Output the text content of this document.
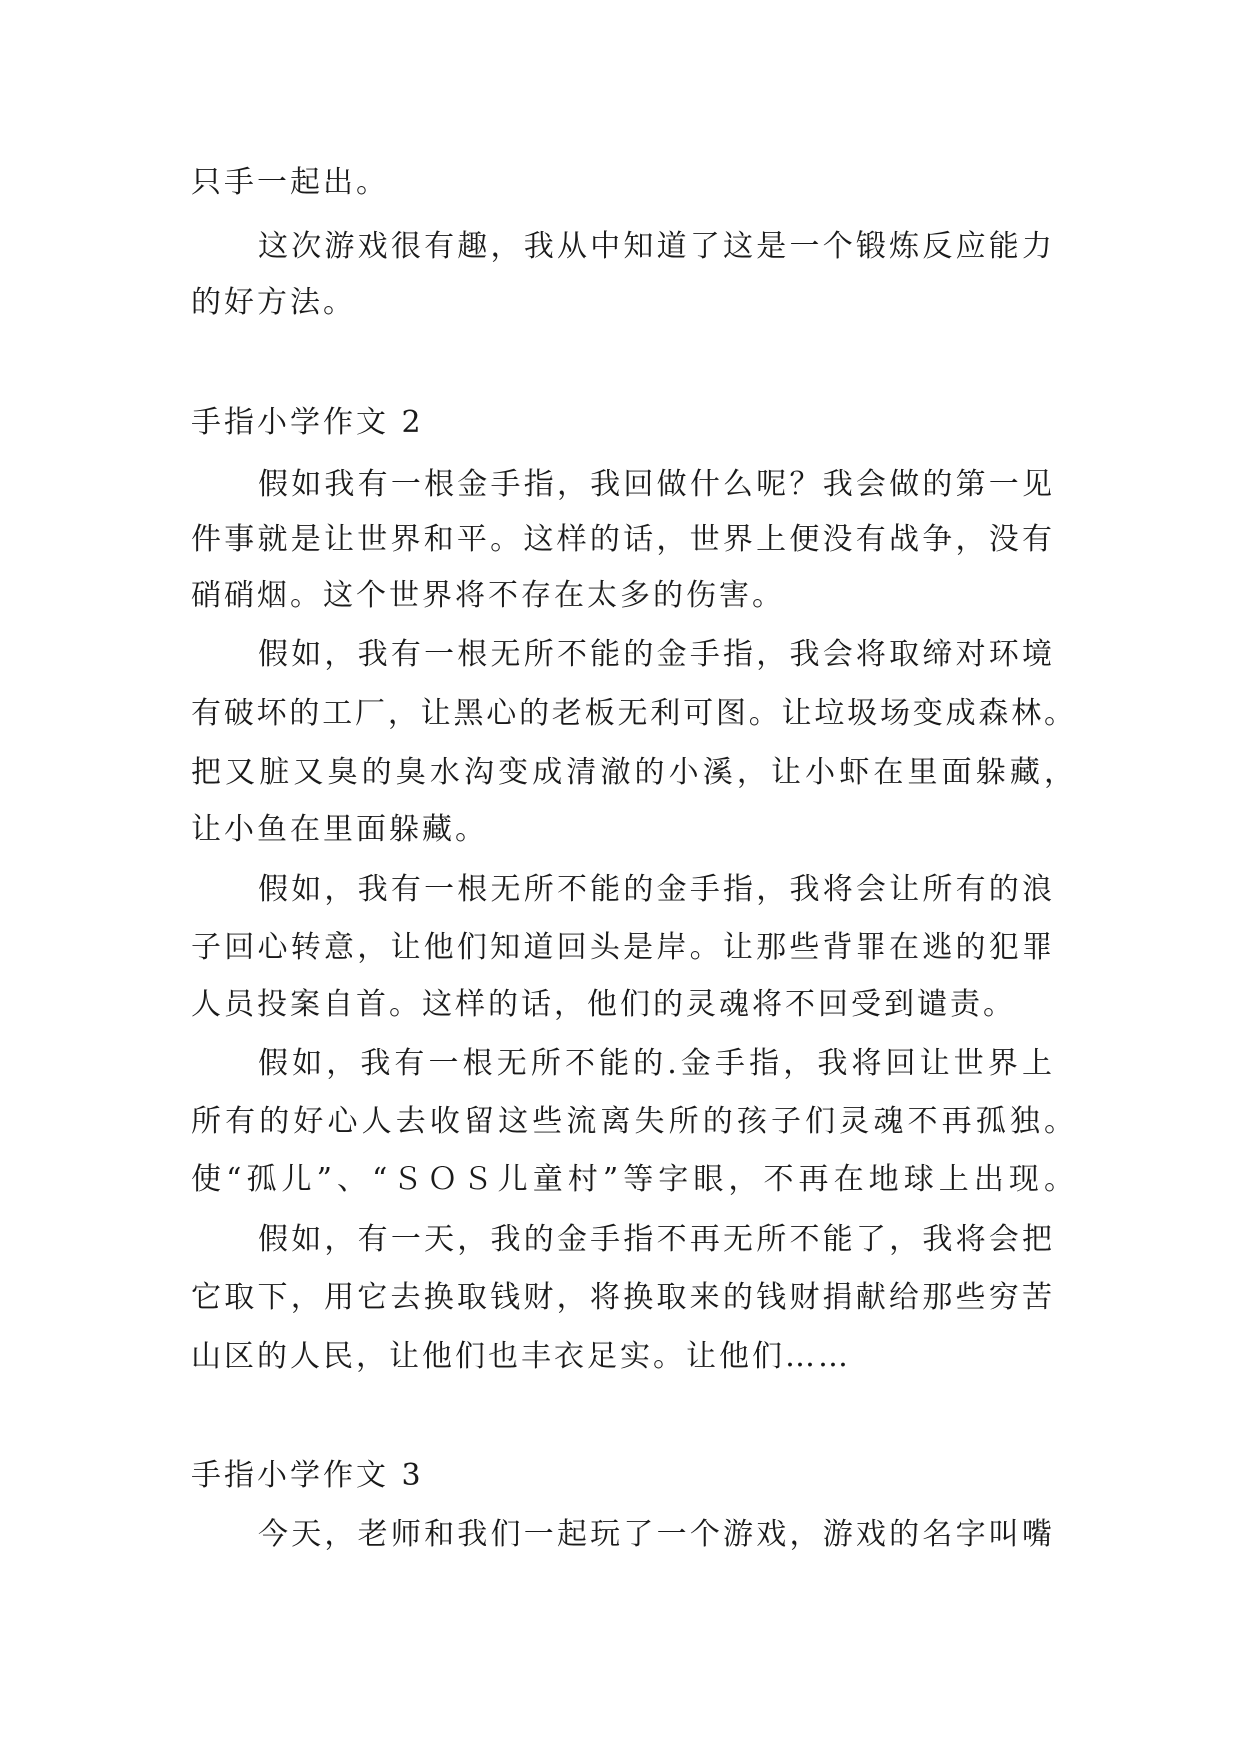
只手一起出。
这次游戏很有趣，我从中知道了这是一个锻炼反应能力
的好方法。
手指小学作文 2
假如我有一根金手指，我回做什么呢？我会做的第一见
件事就是让世界和平。这样的话，世界上便没有战争，没有
硝硝烟。这个世界将不存在太多的伤害。
假如，我有一根无所不能的金手指，我会将取缔对环境
有破坏的工厂，让黑心的老板无利可图。让垃圾场变成森林。
把又脏又臭的臭水沟变成清澈的小溪，让小虾在里面躲藏，
让小鱼在里面躲藏。
假如，我有一根无所不能的金手指，我将会让所有的浪
子回心转意，让他们知道回头是岸。让那些背罪在逃的犯罪
人员投案自首。这样的话，他们的灵魂将不回受到谴责。
假如，我有一根无所不能的.金手指，我将回让世界上
所有的好心人去收留这些流离失所的孩子们灵魂不再孤独。
使“孤儿”、“ＳＯＳ儿童村”等字眼，不再在地球上出现。
假如，有一天，我的金手指不再无所不能了，我将会把
它取下，用它去换取钱财，将换取来的钱财捐献给那些穷苦
山区的人民，让他们也丰衣足实。让他们……
手指小学作文 3
今天，老师和我们一起玩了一个游戏，游戏的名字叫嘴
